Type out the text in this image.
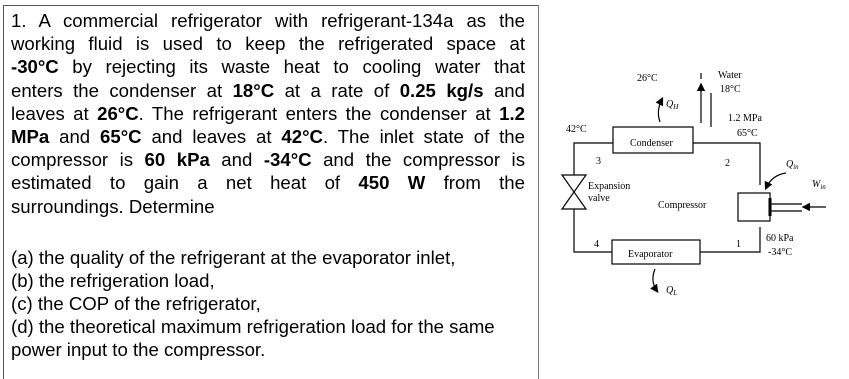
1. A commercial refrigerator with refrigerant-134a as the
working fluid is used to keep the refrigerated space at
-30°C by rejecting its waste heat to cooling water that
enters the condenser at 18°C at a rate of 0.25 kg/s and
leaves at 26°C. The refrigerant enters the condenser at 1.2
MPa and 65°C and leaves at 42°C. The inlet state of the
compressor is 60 kPa and -34°C and the compressor is
estimated to gain a net heat of 450 W from the
surroundings. Determine
(a) the quality of the refrigerant at the evaporator inlet,
(b) the refrigeration load,
(c) the COP of the refrigerator,
(d) the theoretical maximum refrigeration load for the same
power input to the compressor.
26°C	Water
18°C
$Q_H$
42°C
Condenser
1.2 MPa
65°C
3	2	$Q_{in}$
$W_{in}$
Expansion
valve
Compressor
4	1
Evaporator
$Q_L$
60 kPa
-34°C
